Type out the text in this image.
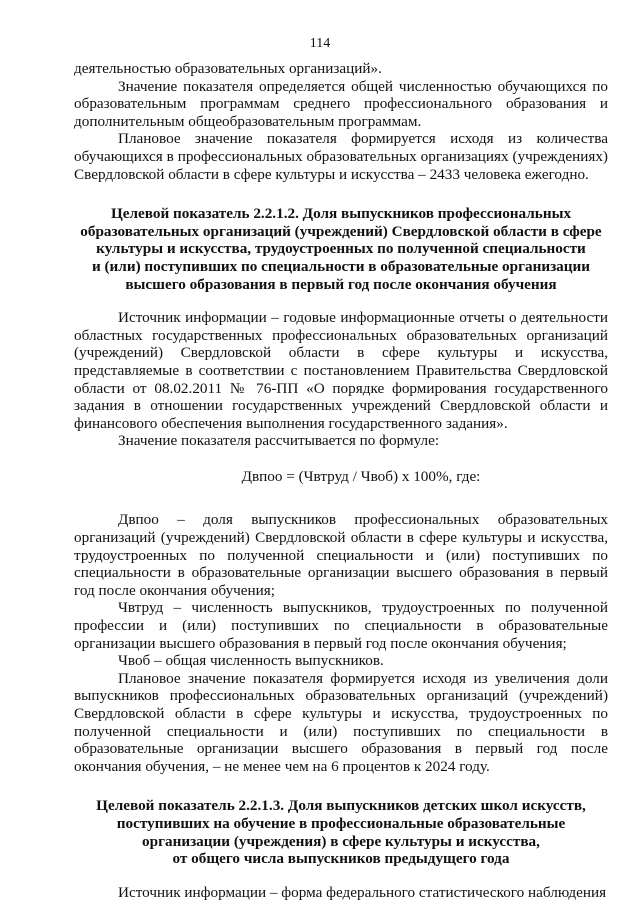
114

деятельностью образовательных организаций».

Значение показателя определяется общей численностью обучающихся по образовательным программам среднего профессионального образования и дополнительным общеобразовательным программам.

Плановое значение показателя формируется исходя из количества обучающихся в профессиональных образовательных организациях (учреждениях) Свердловской области в сфере культуры и искусства – 2433 человека ежегодно.

Целевой показатель 2.2.1.2. Доля выпускников профессиональных
образовательных организаций (учреждений) Свердловской области в сфере
культуры и искусства, трудоустроенных по полученной специальности
и (или) поступивших по специальности в образовательные организации
высшего образования в первый год после окончания обучения

Источник информации – годовые информационные отчеты о деятельности областных государственных профессиональных образовательных организаций (учреждений) Свердловской области в сфере культуры и искусства, представляемые в соответствии с постановлением Правительства Свердловской области от 08.02.2011 № 76-ПП «О порядке формирования государственного задания в отношении государственных учреждений Свердловской области и финансового обеспечения выполнения государственного задания».

Значение показателя рассчитывается по формуле:

Двпоо = (Чвтруд / Чвоб) х 100%, где:

Двпоо – доля выпускников профессиональных образовательных организаций (учреждений) Свердловской области в сфере культуры и искусства, трудоустроенных по полученной специальности и (или) поступивших по специальности в образовательные организации высшего образования в первый год после окончания обучения;

Чвтруд – численность выпускников, трудоустроенных по полученной профессии и (или) поступивших по специальности в образовательные организации высшего образования в первый год после окончания обучения;

Чвоб – общая численность выпускников.

Плановое значение показателя формируется исходя из увеличения доли выпускников профессиональных образовательных организаций (учреждений) Свердловской области в сфере культуры и искусства, трудоустроенных по полученной специальности и (или) поступивших по специальности в образовательные организации высшего образования в первый год после окончания обучения, – не менее чем на 6 процентов к 2024 году.

Целевой показатель 2.2.1.3. Доля выпускников детских школ искусств,
поступивших на обучение в профессиональные образовательные
организации (учреждения) в сфере культуры и искусства,
от общего числа выпускников предыдущего года

Источник информации – форма федерального статистического наблюдения
